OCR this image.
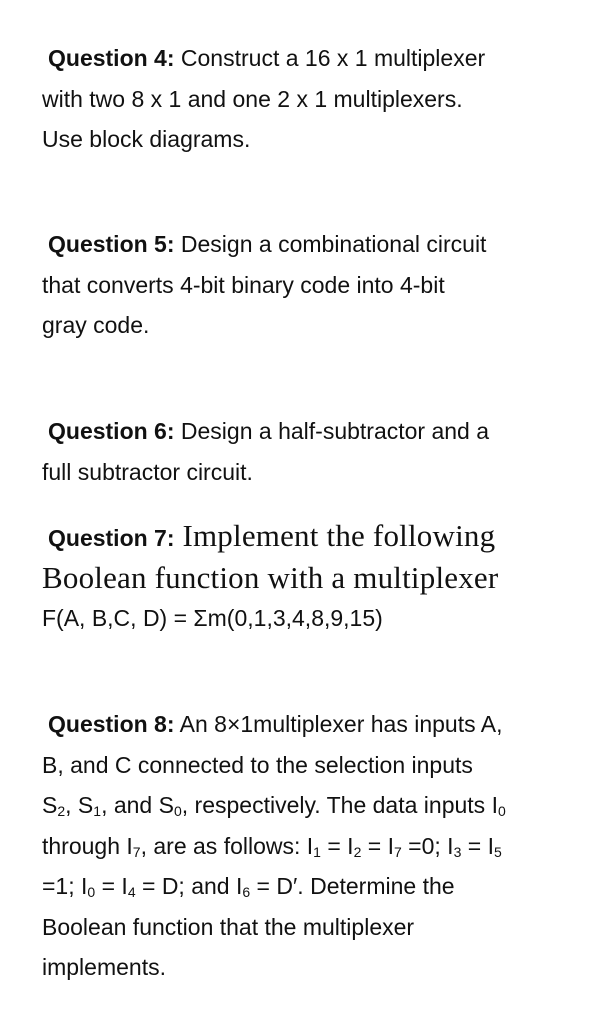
Question 4: Construct a 16 x 1 multiplexer
with two 8 x 1 and one 2 x 1 multiplexers.
Use block diagrams.
Question 5: Design a combinational circuit
that converts 4-bit binary code into 4-bit
gray code.
Question 6: Design a half-subtractor and a
full subtractor circuit.
Question 7: Implement the following
Boolean function with a multiplexer
F(A, B,C, D) = Σm(0,1,3,4,8,9,15)
Question 8: An 8×1multiplexer has inputs A,
B, and C connected to the selection inputs
$S_2$, $S_1$, and $S_0$, respectively. The data inputs $I_0$
through $I_7$, are as follows: $I_1 = I_2 = I_7 =0$; $I_3 = I_5$
=1; $I_0 = I_4 = D$; and $I_6 = D'$. Determine the
Boolean function that the multiplexer
implements.
